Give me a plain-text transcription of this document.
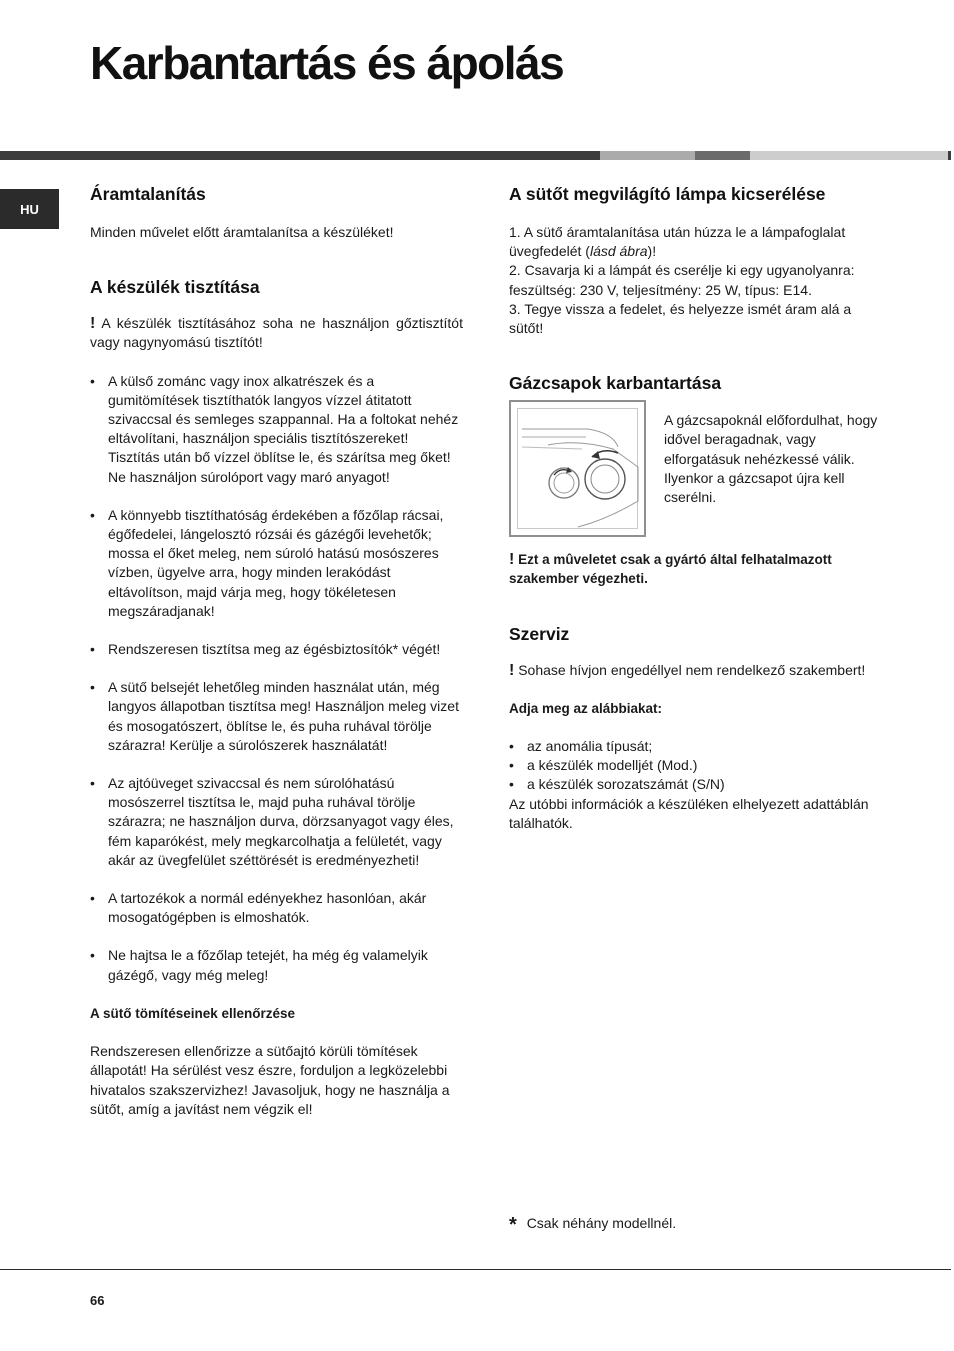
Karbantartás és ápolás
HU
Áramtalanítás

Minden művelet előtt áramtalanítsa a készüléket!

A készülék tisztítása

! A készülék tisztításához soha ne használjon gőztisztítót vagy nagynyomású tisztítót!

• A külső zománc vagy inox alkatrészek és a gumitömítések tisztíthatók langyos vízzel átitatott szivaccsal és semleges szappannal. Ha a foltokat nehéz eltávolítani, használjon speciális tisztítószereket! Tisztítás után bő vízzel öblítse le, és szárítsa meg őket! Ne használjon súrolóport vagy maró anyagot!
• A könnyebb tisztíthatóság érdekében a főzőlap rácsai, égőfedelei, lángelosztó rózsái és gázégői levehetők; mossa el őket meleg, nem súroló hatású mosószeres vízben, ügyelve arra, hogy minden lerakódást eltávolítson, majd várja meg, hogy tökéletesen megszáradjanak!
• Rendszeresen tisztítsa meg az égésbiztosítók* végét!
• A sütő belsejét lehetőleg minden használat után, még langyos állapotban tisztítsa meg! Használjon meleg vizet és mosogatószert, öblítse le, és puha ruhával törölje szárazra! Kerülje a súrolószerek használatát!
• Az ajtóüveget szivaccsal és nem súrolóhatású mosószerrel tisztítsa le, majd puha ruhával törölje szárazra; ne használjon durva, dörzsanyagot vagy éles, fém kaparókést, mely megkarcolhatja a felületét, vagy akár az üvegfelület széttörését is eredményezheti!
• A tartozékok a normál edényekhez hasonlóan, akár mosogatógépben is elmoshatók.
• Ne hajtsa le a főzőlap tetejét, ha még ég valamelyik gázégő, vagy még meleg!

A sütő tömítéseinek ellenőrzése

Rendszeresen ellenőrizze a sütőajtó körüli tömítések állapotát! Ha sérülést vesz észre, forduljon a legközelebbi hivatalos szakszervizhez! Javasoljuk, hogy ne használja a sütőt, amíg a javítást nem végzik el!

A sütőt megvilágító lámpa kicserélése

1. A sütő áramtalanítása után húzza le a lámpafoglalat üvegfedelét (lásd ábra)!

2. Csavarja ki a lámpát és cserélje ki egy ugyanolyanra: feszültség: 230 V, teljesítmény: 25 W, típus: E14.

3. Tegye vissza a fedelet, és helyezze ismét áram alá a sütőt!

Gázcsapok karbantartása

A gázcsapoknál előfordulhat, hogy idővel beragadnak, vagy elforgatásuk nehézkessé válik. Ilyenkor a gázcsapot újra kell cserélni.

! Ezt a mûveletet csak a gyártó által felhatalmazott szakember végezheti.

Szerviz

! Sohase hívjon engedéllyel nem rendelkező szakembert!

Adja meg az alábbiakat:

• az anomália típusát;
• a készülék modelljét (Mod.)
• a készülék sorozatszámát (S/N)

Az utóbbi információk a készüléken elhelyezett adattáblán találhatók.

* Csak néhány modellnél.
66
